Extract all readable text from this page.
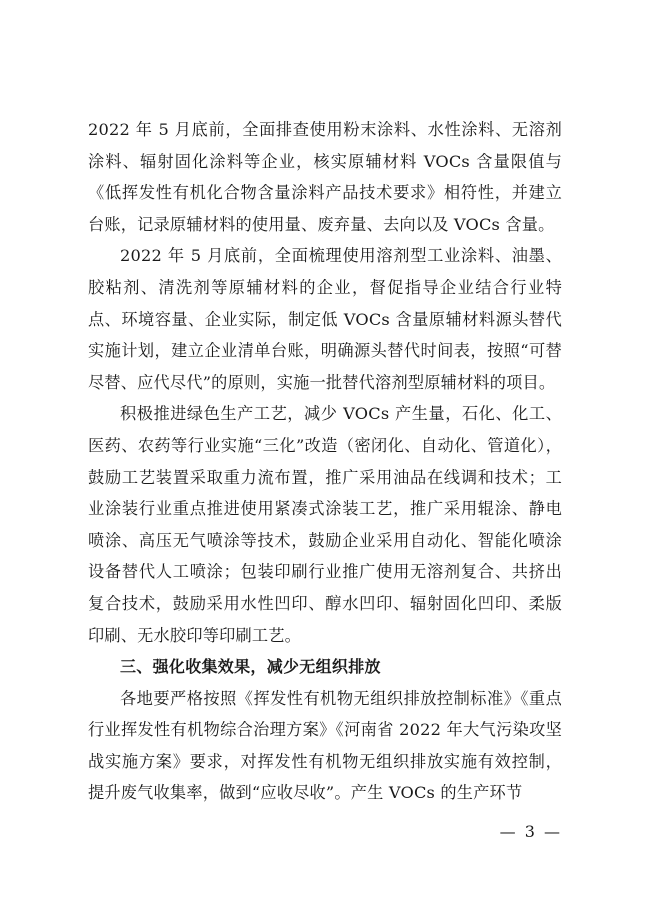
2022 年 5 月底前，全面排查使用粉末涂料、水性涂料、无溶剂涂料、辐射固化涂料等企业，核实原辅材料 VOCs 含量限值与《低挥发性有机化合物含量涂料产品技术要求》相符性，并建立台账，记录原辅材料的使用量、废弃量、去向以及 VOCs 含量。

2022 年 5 月底前，全面梳理使用溶剂型工业涂料、油墨、胶粘剂、清洗剂等原辅材料的企业，督促指导企业结合行业特点、环境容量、企业实际，制定低 VOCs 含量原辅材料源头替代实施计划，建立企业清单台账，明确源头替代时间表，按照“可替尽替、应代尽代”的原则，实施一批替代溶剂型原辅材料的项目。

积极推进绿色生产工艺，减少 VOCs 产生量，石化、化工、医药、农药等行业实施“三化”改造（密闭化、自动化、管道化），鼓励工艺装置采取重力流布置，推广采用油品在线调和技术；工业涂装行业重点推进使用紧凑式涂装工艺，推广采用辊涂、静电喷涂、高压无气喷涂等技术，鼓励企业采用自动化、智能化喷涂设备替代人工喷涂；包装印刷行业推广使用无溶剂复合、共挤出复合技术，鼓励采用水性凹印、醇水凹印、辐射固化凹印、柔版印刷、无水胶印等印刷工艺。

三、强化收集效果，减少无组织排放

各地要严格按照《挥发性有机物无组织排放控制标准》《重点行业挥发性有机物综合治理方案》《河南省 2022 年大气污染攻坚战实施方案》要求，对挥发性有机物无组织排放实施有效控制，提升废气收集率，做到“应收尽收”。产生 VOCs 的生产环节

— 3 —
